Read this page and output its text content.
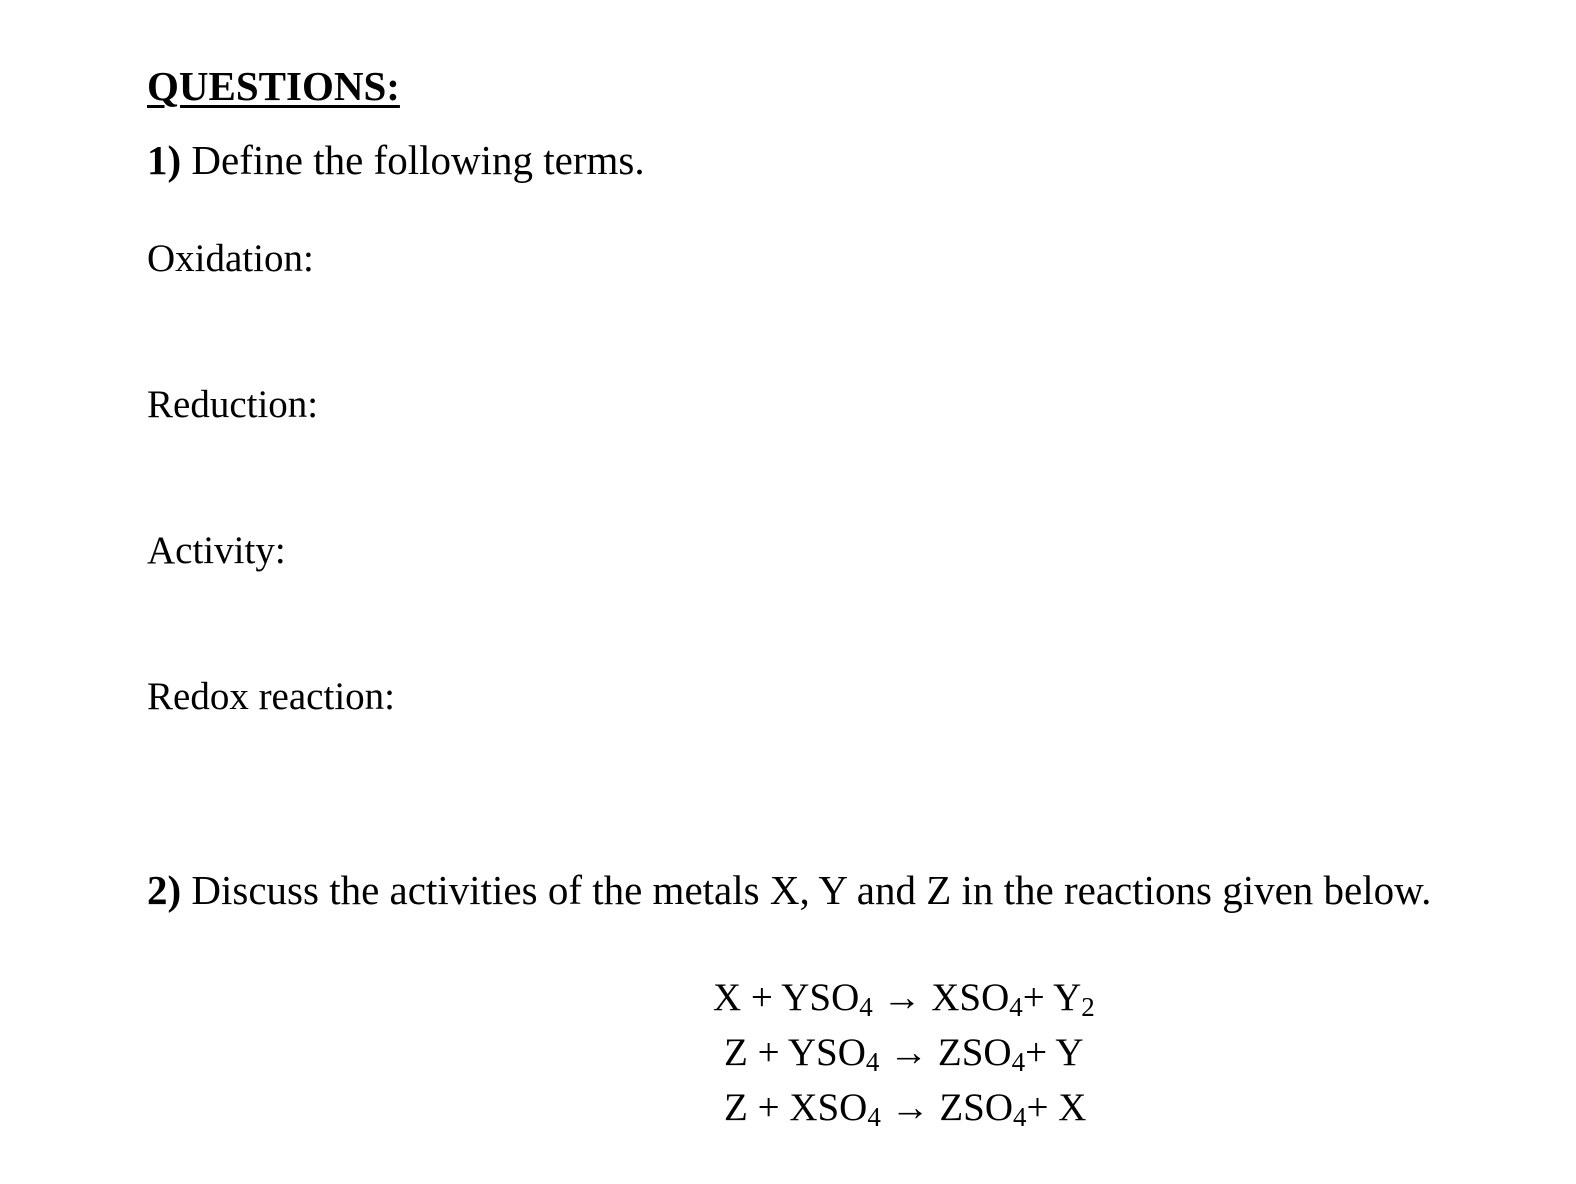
QUESTIONS:
1) Define the following terms.
Oxidation:
Reduction:
Activity:
Redox reaction:
2) Discuss the activities of the metals X, Y and Z in the reactions given below.
$X + YSO_4 \to XSO_4+ Y_2$
$Z + YSO_4 \to ZSO_4+ Y$
$Z + XSO_4 \to ZSO_4+ X$
